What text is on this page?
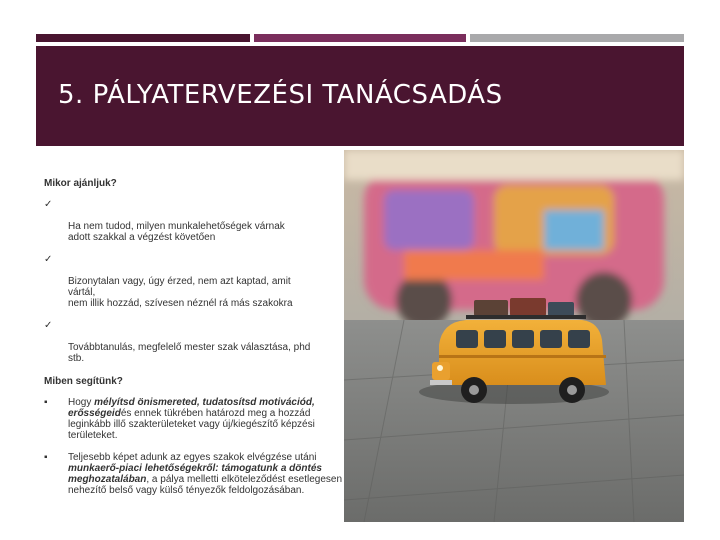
5. PÁLYATERVEZÉSI TANÁCSADÁS
Mikor ajánljuk?

✓

Ha nem tudod, milyen munkalehetőségek várnak
adott szakkal a végzést követően

✓

Bizonytalan vagy, úgy érzed, nem azt kaptad, amit
vártál,
nem illik hozzád, szívesen néznél rá más szakokra

✓

Továbbtanulás, megfelelő mester szak választása, phd
stb.

Miben segítünk?
▪ Hogy mélyítsd önismereted, tudatosítsd motivációd, erősségeidés ennek tükrében határozd meg a hozzád leginkább illő szakterületeket vagy új/kiegészítő képzési területeket.
▪ Teljesebb képet adunk az egyes szakok elvégzése utáni munkaerő-piaci lehetőségekről: támogatunk a döntés meghozatalában, a pálya melletti elköteleződést esetlegesen nehezítő belső vagy külső tényezők feldolgozásában.
